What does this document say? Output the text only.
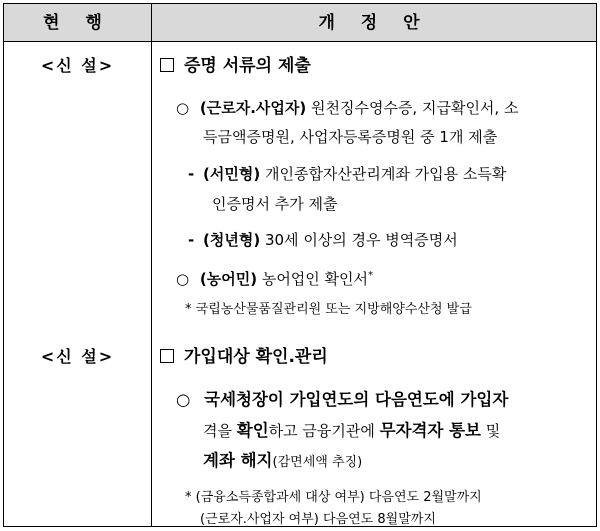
현 행	개 정 안
<신 설>	증명 서류의 제출
○ (근로자.사업자) 원천징수영수증, 지급확인서, 소
득금액증명원, 사업자등록증명원 중 1개 제출
- (서민형) 개인종합자산관리계좌 가입용 소득확
인증명서 추가 제출
- (청년형) 30세 이상의 경우 병역증명서
○ (농어민) 농어업인 확인서*
* 국립농산물품질관리원 또는 지방해양수산청 발급
<신 설>	가입대상 확인.관리
○ 국세청장이 가입연도의 다음연도에 가입자
격을 확인하고 금융기관에 무자격자 통보 및
계좌 해지(감면세액 추징)
* (금융소득종합과세 대상 여부) 다음연도 2월말까지
(근로자.사업자 여부) 다음연도 8월말까지
